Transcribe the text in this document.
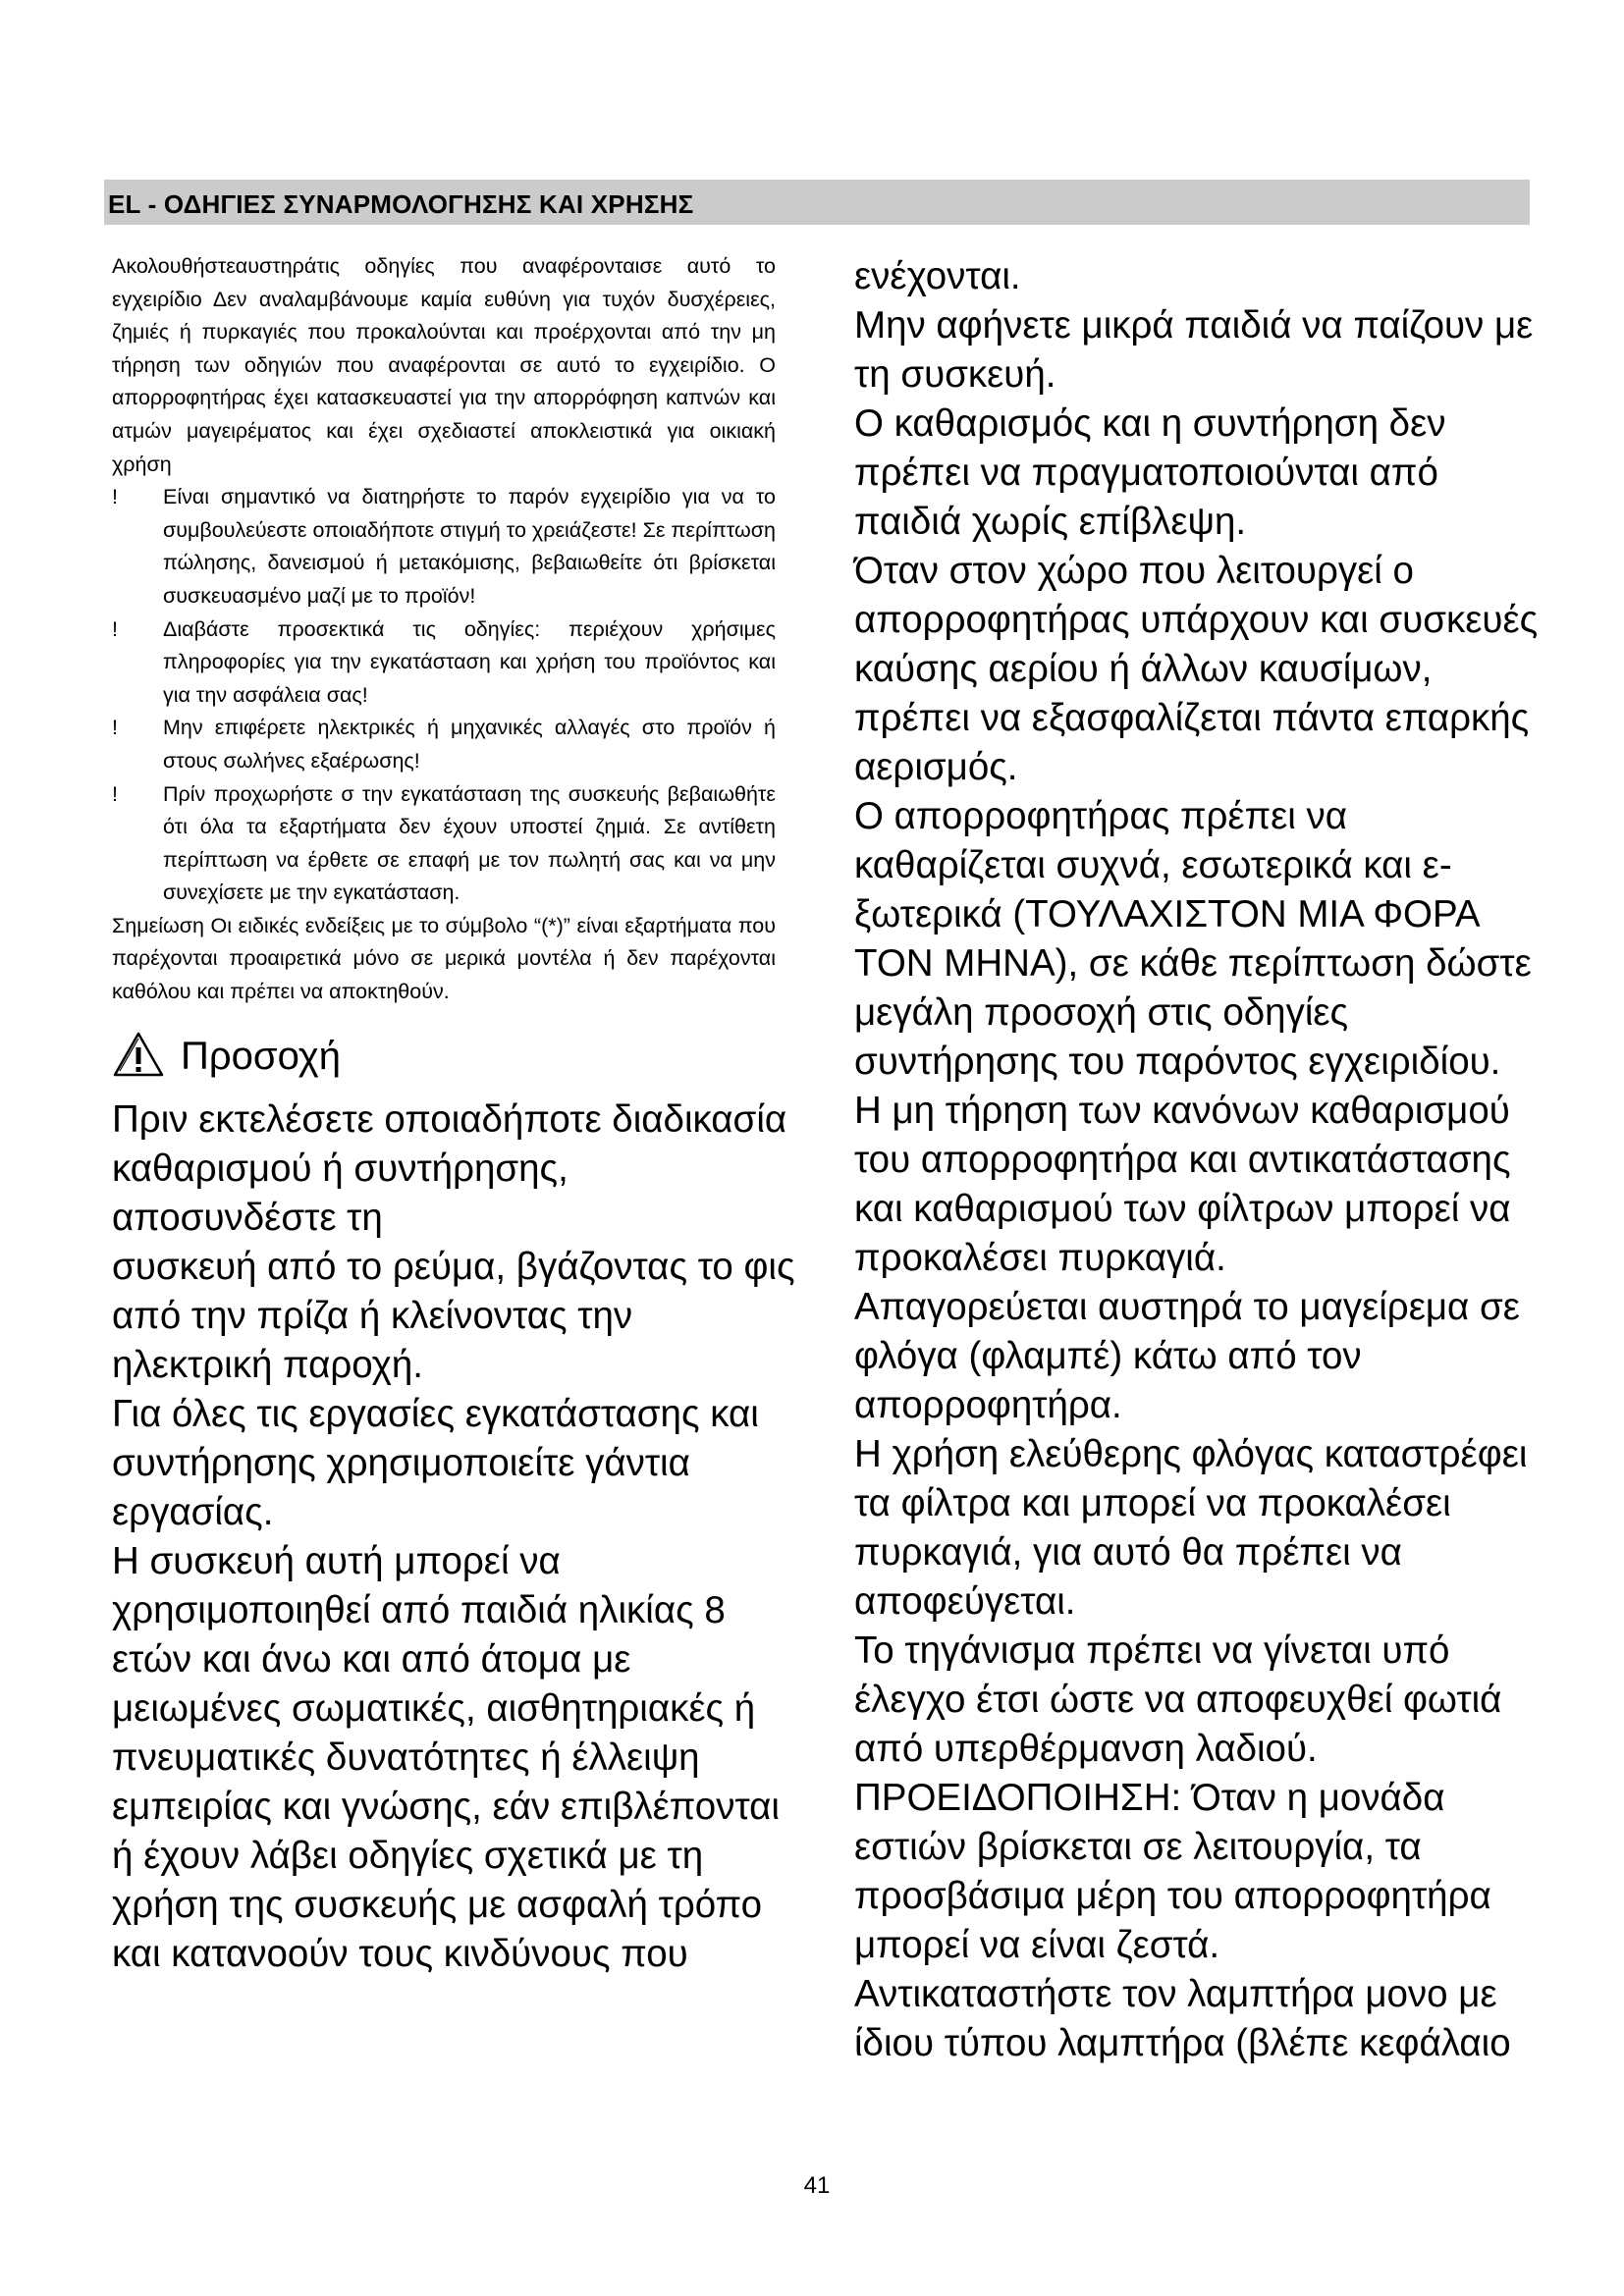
EL - ΟΔΗΓΙΕΣ ΣΥΝΑΡΜΟΛΟΓΗΣΗΣ ΚΑΙ ΧΡΗΣΗΣ

Ακολουθήστεαυστηράτις οδηγίες που αναφέρονταισε αυτό το εγχειρίδιο Δεν αναλαμβάνουμε καμία ευθύνη για τυχόν δυσχέρειες, ζημιές ή πυρκαγιές που προκαλούνται και προέρχονται από την μη τήρηση των οδηγιών που αναφέρονται σε αυτό το εγχειρίδιο. Ο απορροφητήρας έχει κατασκευαστεί για την απορρόφηση καπνών και ατμών μαγειρέματος και έχει σχεδιαστεί αποκλειστικά για οικιακή χρήση

!	Είναι σημαντικό να διατηρήστε το παρόν εγχειρίδιο για να το συμβουλεύεστε οποιαδήποτε στιγμή το χρειάζεστε! Σε περίπτωση πώλησης, δανεισμού ή μετακόμισης, βεβαιωθείτε ότι βρίσκεται συσκευασμένο μαζί με το προϊόν!
!	Διαβάστε προσεκτικά τις οδηγίες: περιέχουν χρήσιμες πληροφορίες για την εγκατάσταση και χρήση του προϊόντος και για την ασφάλεια σας!
!	Μην επιφέρετε ηλεκτρικές ή μηχανικές αλλαγές στο προϊόν ή στους σωλήνες εξαέρωσης!
!	Πρίν προχωρήστε σ την εγκατάσταση της συσκευής βεβαιωθήτε ότι όλα τα εξαρτήματα δεν έχουν υποστεί ζημιά. Σε αντίθετη περίπτωση να έρθετε σε επαφή με τον πωλητή σας και να μην συνεχίσετε με την εγκατάσταση.

Σημείωση Οι ειδικές ενδείξεις με το σύμβολο “(*)” είναι εξαρτήματα που παρέχονται προαιρετικά μόνο σε μερικά μοντέλα ή δεν παρέχονται καθόλου και πρέπει να αποκτηθούν.

Προσοχή

Πριν εκτελέσετε οποιαδήποτε διαδικασία

καθαρισμού ή συντήρησης,

αποσυνδέστε τη

συσκευή από το ρεύμα, βγάζοντας το φις

από την πρίζα ή κλείνοντας την

ηλεκτρική παροχή.

Για όλες τις εργασίες εγκατάστασης και

συντήρησης χρησιμοποιείτε γάντια

εργασίας.

Η συσκευή αυτή μπορεί να

χρησιμοποιηθεί από παιδιά ηλικίας 8

ετών και άνω και από άτομα με

μειωμένες σωματικές, αισθητηριακές ή

πνευματικές δυνατότητες ή έλλειψη

εμπειρίας και γνώσης, εάν επιβλέπονται

ή έχουν λάβει οδηγίες σχετικά με τη

χρήση της συσκευής με ασφαλή τρόπο

και κατανοούν τους κινδύνους που

ενέχονται.

Μην αφήνετε μικρά παιδιά να παίζουν με

τη συσκευή.

Ο καθαρισμός και η συντήρηση δεν

πρέπει να πραγματοποιούνται από

παιδιά χωρίς επίβλεψη.

Όταν στον χώρο που λειτουργεί ο

απορροφητήρας υπάρχουν και συσκευές

καύσης αερίου ή άλλων καυσίμων,

πρέπει να εξασφαλίζεται πάντα επαρκής

αερισμός.

Ο απορροφητήρας πρέπει να

καθαρίζεται συχνά, εσωτερικά και ε-

ξωτερικά (ΤΟΥΛΑΧΙΣΤΟΝ ΜΙΑ ΦΟΡΑ

ΤΟΝ ΜΗΝΑ), σε κάθε περίπτωση δώστε

μεγάλη προσοχή στις οδηγίες

συντήρησης του παρόντος εγχειριδίου.

Η μη τήρηση των κανόνων καθαρισμού

του απορροφητήρα και αντικατάστασης

και καθαρισμού των φίλτρων μπορεί να

προκαλέσει πυρκαγιά.

Απαγορεύεται αυστηρά το μαγείρεμα σε

φλόγα (φλαμπέ) κάτω από τον

απορροφητήρα.

Η χρήση ελεύθερης φλόγας καταστρέφει

τα φίλτρα και μπορεί να προκαλέσει

πυρκαγιά, για αυτό θα πρέπει να

αποφεύγεται.

Το τηγάνισμα πρέπει να γίνεται υπό

έλεγχο έτσι ώστε να αποφευχθεί φωτιά

από υπερθέρμανση λαδιού.

ΠΡΟΕΙΔΟΠΟΙΗΣΗ: Όταν η μονάδα

εστιών βρίσκεται σε λειτουργία, τα

προσβάσιμα μέρη του απορροφητήρα

μπορεί να είναι ζεστά.

Αντικαταστήστε τον λαμπτήρα μονο με

ίδιου τύπου λαμπτήρα (βλέπε κεφάλαιο

41
